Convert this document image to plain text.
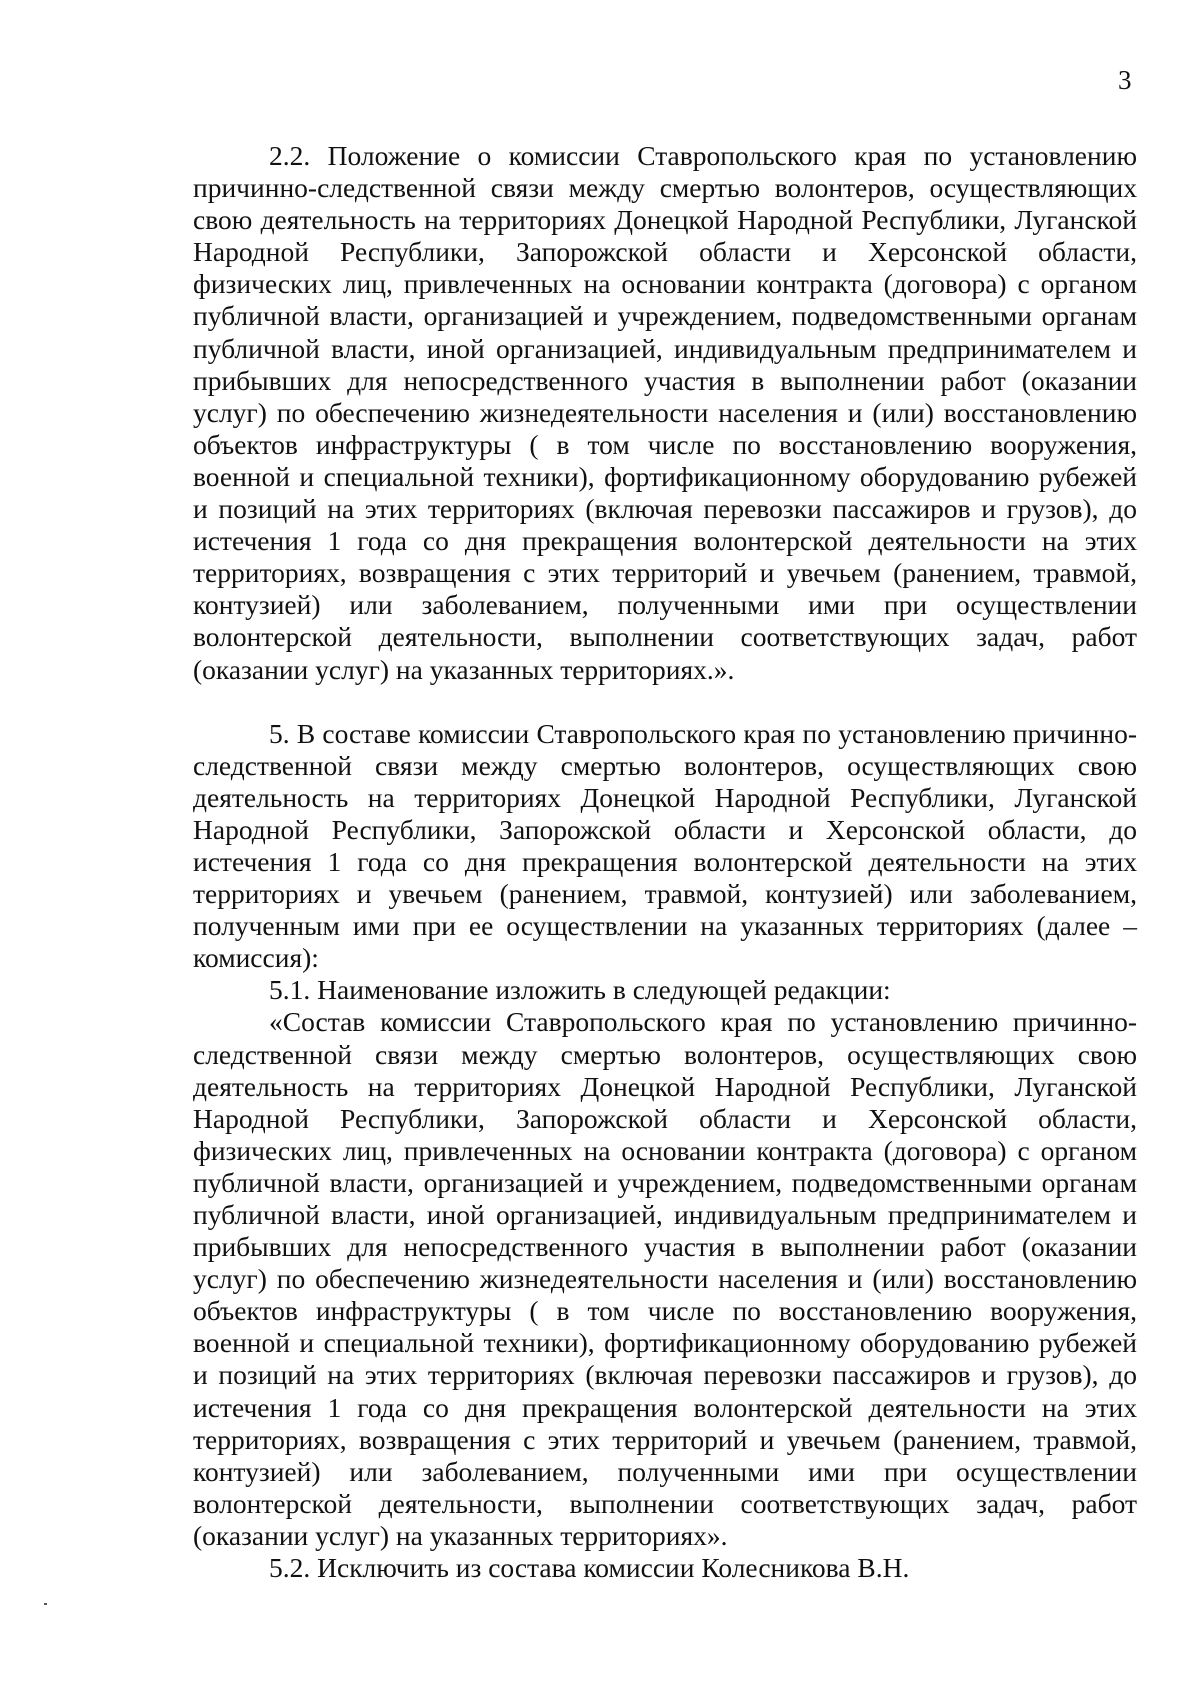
3

2.2. Положение о комиссии Ставропольского края по установлению причинно-следственной связи между смертью волонтеров, осуществляющих свою деятельность на территориях Донецкой Народной Республики, Луганской Народной Республики, Запорожской области и Херсонской области, физических лиц, привлеченных на основании контракта (договора) с органом публичной власти, организацией и учреждением, подведомственными органам публичной власти, иной организацией, индивидуальным предпринимателем и прибывших для непосредственного участия в выполнении работ (оказании услуг) по обеспечению жизнедеятельности населения и (или) восстановлению объектов инфраструктуры ( в том числе по восстановлению вооружения, военной и специальной техники), фортификационному оборудованию рубежей и позиций на этих территориях (включая перевозки пассажиров и грузов), до истечения 1 года со дня прекращения волонтерской деятельности на этих территориях, возвращения с этих территорий и увечьем (ранением, травмой, контузией) или заболеванием, полученными ими при осуществлении волонтерской деятельности, выполнении соответствующих задач, работ (оказании услуг) на указанных территориях.».

5. В составе комиссии Ставропольского края по установлению причинно-следственной связи между смертью волонтеров, осуществляющих свою деятельность на территориях Донецкой Народной Республики, Луганской Народной Республики, Запорожской области и Херсонской области, до истечения 1 года со дня прекращения волонтерской деятельности на этих территориях и увечьем (ранением, травмой, контузией) или заболеванием, полученным ими при ее осуществлении на указанных территориях (далее – комиссия):

5.1. Наименование изложить в следующей редакции:

«Состав комиссии Ставропольского края по установлению причинно-следственной связи между смертью волонтеров, осуществляющих свою деятельность на территориях Донецкой Народной Республики, Луганской Народной Республики, Запорожской области и Херсонской области, физических лиц, привлеченных на основании контракта (договора) с органом публичной власти, организацией и учреждением, подведомственными органам публичной власти, иной организацией, индивидуальным предпринимателем и прибывших для непосредственного участия в выполнении работ (оказании услуг) по обеспечению жизнедеятельности населения и (или) восстановлению объектов инфраструктуры ( в том числе по восстановлению вооружения, военной и специальной техники), фортификационному оборудованию рубежей и позиций на этих территориях (включая перевозки пассажиров и грузов), до истечения 1 года со дня прекращения волонтерской деятельности на этих территориях, возвращения с этих территорий и увечьем (ранением, травмой, контузией) или заболеванием, полученными ими при осуществлении волонтерской деятельности, выполнении соответствующих задач, работ (оказании услуг) на указанных территориях».

5.2. Исключить из состава комиссии Колесникова В.Н.
